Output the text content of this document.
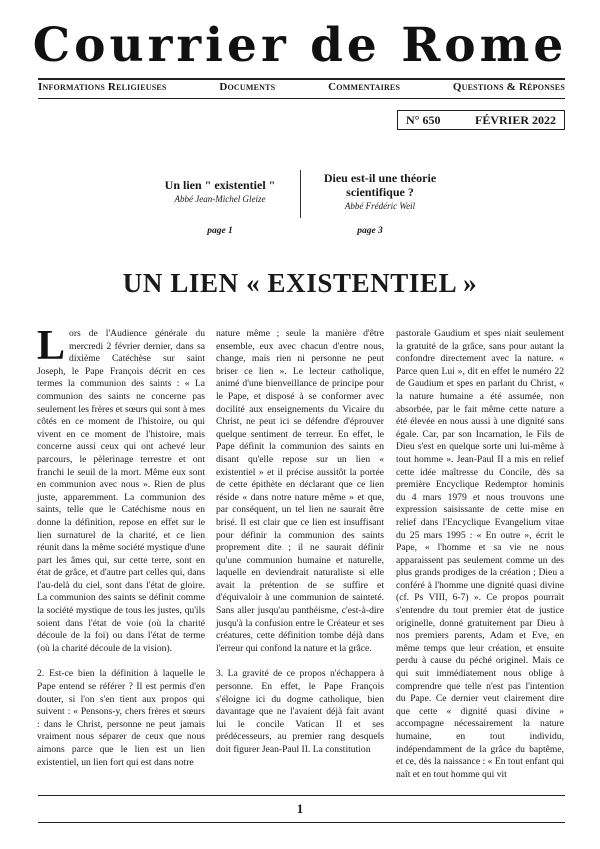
Courrier de Rome
Informations Religieuses	Documents	Commentaires	Questions & Réponses
N° 650	FÉVRIER 2022
Un lien " existentiel "
Abbé Jean-Michel Gleize
Dieu est-il une théorie scientifique ?
Abbé Frédéric Weil
page 1	page 3
UN LIEN « EXISTENTIEL »

Lors de l'Audience générale du mercredi 2 février dernier, dans sa dixième Catéchèse sur saint Joseph, le Pape François décrit en ces termes la communion des saints : « La communion des saints ne concerne pas seulement les frères et sœurs qui sont à mes côtés en ce moment de l'histoire, ou qui vivent en ce moment de l'histoire, mais concerne aussi ceux qui ont achevé leur parcours, le pèlerinage terrestre et ont franchi le seuil de la mort. Même eux sont en communion avec nous ». Rien de plus juste, apparemment. La communion des saints, telle que le Catéchisme nous en donne la définition, repose en effet sur le lien surnaturel de la charité, et ce lien réunit dans la même société mystique d'une part les âmes qui, sur cette terre, sont en état de grâce, et d'autre part celles qui, dans l'au-delà du ciel, sont dans l'état de gloire. La communion des saints se définit comme la société mystique de tous les justes, qu'ils soient dans l'état de voie (où la charité découle de la foi) ou dans l'état de terme (où la charité découle de la vision).

2. Est-ce bien la définition à laquelle le Pape entend se référer ? Il est permis d'en douter, si l'on s'en tient aux propos qui suivent : « Pensons-y, chers frères et sœurs : dans le Christ, personne ne peut jamais vraiment nous séparer de ceux que nous aimons parce que le lien est un lien existentiel, un lien fort qui est dans notre

nature même ; seule la manière d'être ensemble, eux avec chacun d'entre nous, change, mais rien ni personne ne peut briser ce lien ». Le lecteur catholique, animé d'une bienveillance de principe pour le Pape, et disposé à se conformer avec docilité aux enseignements du Vicaire du Christ, ne peut ici se défendre d'éprouver quelque sentiment de terreur. En effet, le Pape définit la communion des saints en disant qu'elle repose sur un lien « existentiel » et il précise aussitôt la portée de cette épithète en déclarant que ce lien réside « dans notre nature même » et que, par conséquent, un tel lien ne saurait être brisé. Il est clair que ce lien est insuffisant pour définir la communion des saints proprement dite ; il ne saurait définir qu'une communion humaine et naturelle, laquelle en deviendrait naturaliste si elle avait la prétention de se suffire et d'équivaloir à une communion de sainteté. Sans aller jusqu'au panthéisme, c'est-à-dire jusqu'à la confusion entre le Créateur et ses créatures, cette définition tombe déjà dans l'erreur qui confond la nature et la grâce.

3. La gravité de ce propos n'échappera à personne. En effet, le Pape François s'éloigne ici du dogme catholique, bien davantage que ne l'avaient déjà fait avant lui le concile Vatican II et ses prédécesseurs, au premier rang desquels doit figurer Jean-Paul II. La constitution

pastorale Gaudium et spes niait seulement la gratuité de la grâce, sans pour autant la confondre directement avec la nature. « Parce quen Lui », dit en effet le numéro 22 de Gaudium et spes en parlant du Christ, « la nature humaine a été assumée, non absorbée, par le fait même cette nature a été élevée en nous aussi à une dignité sans égale. Car, par son Incarnation, le Fils de Dieu s'est en quelque sorte uni lui-même à tout homme ». Jean-Paul II a mis en relief cette idée maîtresse du Concile, dès sa première Encyclique Redemptor hominis du 4 mars 1979 et nous trouvons une expression saisissante de cette mise en relief dans l'Encyclique Evangelium vitae du 25 mars 1995 : « En outre », écrit le Pape, « l'homme et sa vie ne nous apparaissent pas seulement comme un des plus grands prodiges de la création ; Dieu a conféré à l'homme une dignité quasi divine (cf. Ps VIII, 6-7) ». Ce propos pourrait s'entendre du tout premier état de justice originelle, donné gratuitement par Dieu à nos premiers parents, Adam et Eve, en même temps que leur création, et ensuite perdu à cause du péché originel. Mais ce qui suit immédiatement nous oblige à comprendre que telle n'est pas l'intention du Pape. Ce dernier veut clairement dire que cette « dignité quasi divine » accompagne nécessairement la nature humaine, en tout individu, indépendamment de la grâce du baptême, et ce, dès la naissance : « En tout enfant qui naît et en tout homme qui vit

1
